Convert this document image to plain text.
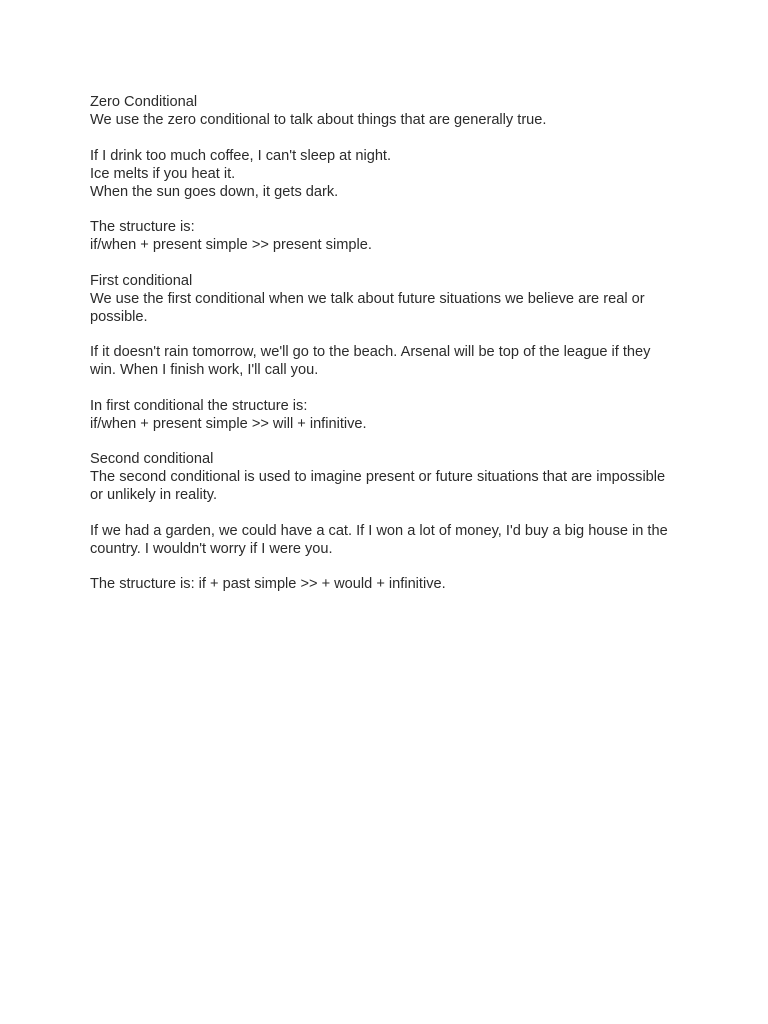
Zero Conditional
We use the zero conditional to talk about things that are generally true.

If I drink too much coffee, I can't sleep at night.
Ice melts if you heat it.
When the sun goes down, it gets dark.

The structure is:
if/when + present simple >> present simple.

First conditional
We use the first conditional when we talk about future situations we believe are real or possible.

If it doesn't rain tomorrow, we'll go to the beach. Arsenal will be top of the league if they win. When I finish work, I'll call you.

In first conditional the structure is:
if/when + present simple >> will + infinitive.

Second conditional
The second conditional is used to imagine present or future situations that are impossible or unlikely in reality.

If we had a garden, we could have a cat. If I won a lot of money, I'd buy a big house in the country. I wouldn't worry if I were you.

The structure is: if + past simple >> + would + infinitive.
